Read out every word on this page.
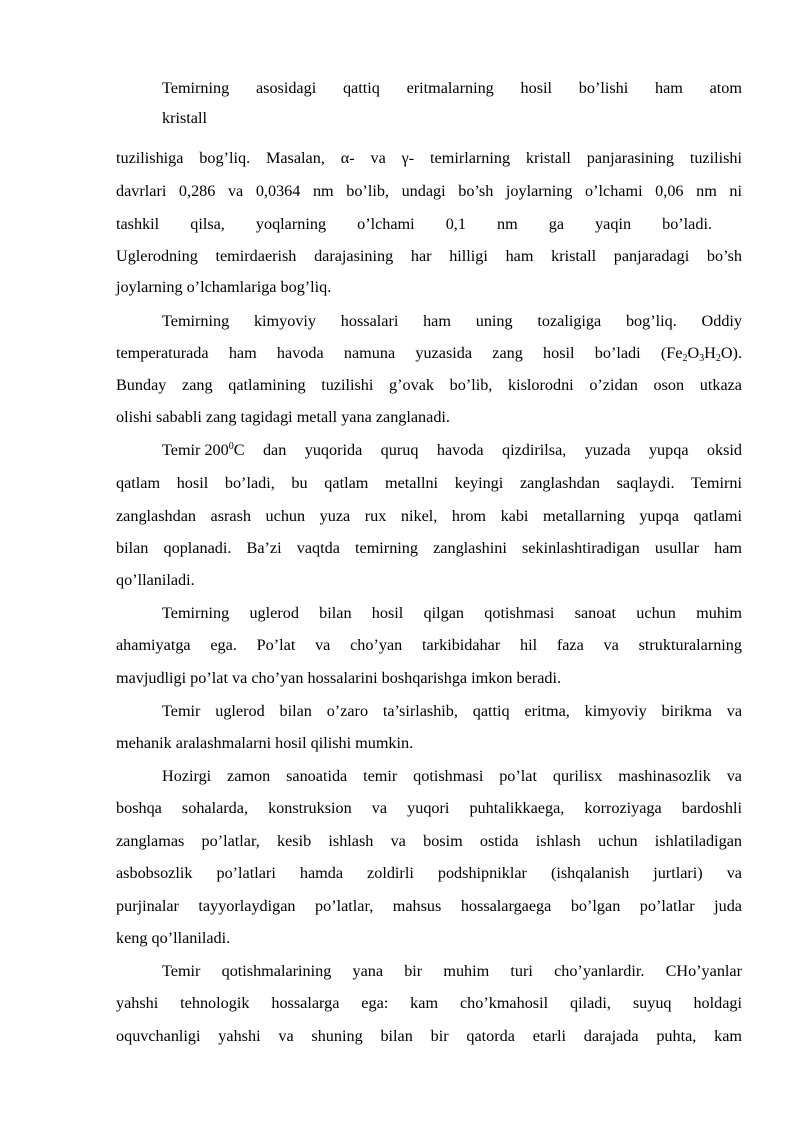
Temirning asosidagi qattiq eritmalarning hosil bo’lishi ham atom
kristall
tuzilishiga bog’liq. Masalan, α- va γ- temirlarning kristall panjarasining tuzilishi
davrlari 0,286 va 0,0364 nm bo’lib, undagi bo’sh joylarning o’lchami 0,06 nm ni
tashkil qilsa, yoqlarning o’lchami 0,1 nm ga yaqin bo’ladi.
Uglerodning temirdaerish darajasining har hilligi ham kristall panjaradagi bo’sh
joylarning o’lchamlariga bog’liq.
Temirning kimyoviy hossalari ham uning tozaligiga bog’liq. Oddiy
temperaturada ham havoda namuna yuzasida zang hosil bo’ladi (Fe $_2O_3H_2O$).
Bunday zang qatlamining tuzilishi g’ovak bo’lib, kislorodni o’zidan oson utkaza
olishi sababli zang tagidagi metall yana zanglanadi.
Temir $200^0$ C dan yuqorida quruq havoda qizdirilsa, yuzada yupqa oksid
qatlam hosil bo’ladi, bu qatlam metallni keyingi zanglashdan saqlaydi. Temirni
zanglashdan asrash uchun yuza rux nikel, hrom kabi metallarning yupqa qatlami
bilan qoplanadi. Ba’zi vaqtda temirning zanglashini sekinlashtiradigan usullar ham
qo’llaniladi.
Temirning uglerod bilan hosil qilgan qotishmasi sanoat uchun muhim
ahamiyatga ega. Po’lat va cho’yan tarkibidahar hil faza va strukturalarning
mavjudligi po’lat va cho’yan hossalarini boshqarishga imkon beradi.
Temir uglerod bilan o’zaro ta’sirlashib, qattiq eritma, kimyoviy birikma va
mehanik aralashmalarni hosil qilishi mumkin.
Hozirgi zamon sanoatida temir qotishmasi po’lat qurilisx mashinasozlik va
boshqa sohalarda, konstruksion va yuqori puhtalikkaega, korroziyaga bardoshli
zanglamas po’latlar, kesib ishlash va bosim ostida ishlash uchun ishlatiladigan
asbobsozlik po’latlari hamda zoldirli podshipniklar (ishqalanish jurtlari) va
purjinalar tayyorlaydigan po’latlar, mahsus hossalargaega bo’lgan po’latlar juda
keng qo’llaniladi.
Temir qotishmalarining yana bir muhim turi cho’yanlardir. CHo’yanlar
yahshi tehnologik hossalarga ega: kam cho’kmahosil qiladi, suyuq holdagi
oquvchanligi yahshi va shuning bilan bir qatorda etarli darajada puhta, kam
